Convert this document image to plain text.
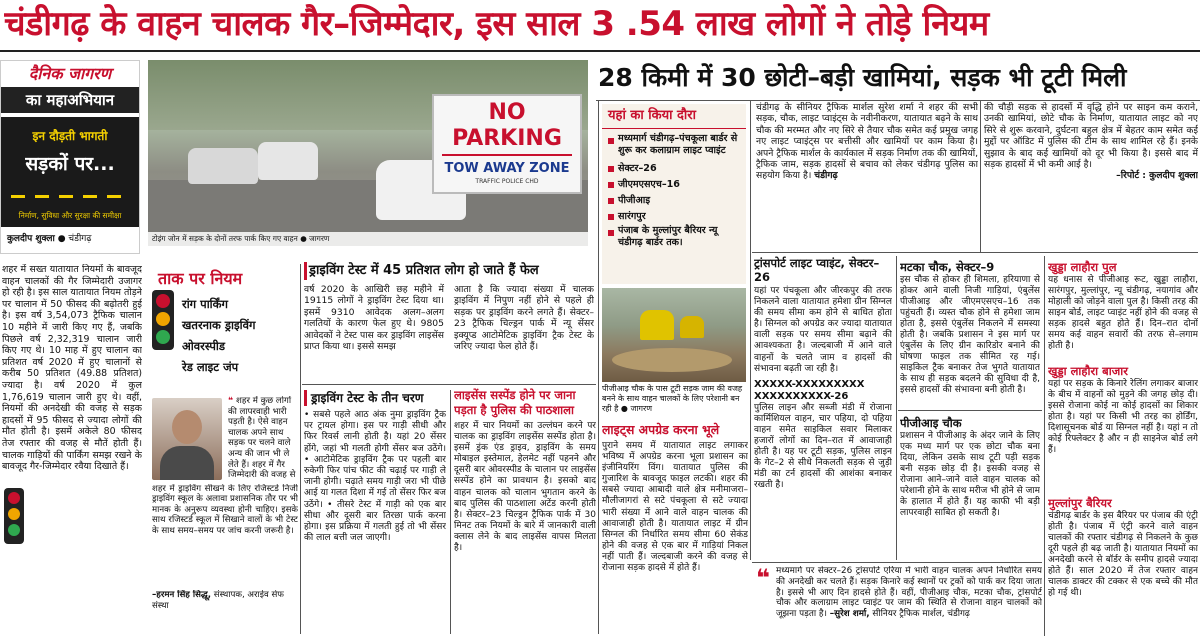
चंडीगढ़ के वाहन चालक गैर–जिम्मेदार, इस साल 3 .54 लाख लोगों ने तोड़े नियम
दैनिक जागरण
का महाअभियान
इन दौड़ती भागती
सड़कों पर...
निर्माण, सुविधा और सुरक्षा की समीक्षा
कुलदीप शुक्ला ● चंडीगढ़
NO PARKING
TOW AWAY ZONE
TRAFFIC POLICE CHD
टोइंग जोन में सड़क के दोनों तरफ पार्क किए गए वाहन ● जागरण
28 किमी में 30 छोटी–बड़ी खामियां, सड़क भी टूटी मिली

शहर में सख्त यातायात नियमों के बावजूद वाहन चालकों की गैर जिम्मेदारी उजागर हो रही है। इस साल यातायात नियम तोड़ने पर चालान में 50 फीसद की बढ़ोतरी हुई है। इस वर्ष 3,54,073 ट्रैफिक चालान 10 महीने में जारी किए गए हैं, जबकि पिछले वर्ष 2,32,319 चालान जारी किए गए थे। 10 माह में हुए चालान का प्रतिशत वर्ष 2020 में हुए चालानों से करीब 50 प्रतिशत (49.88 प्रतिशत) ज्यादा है। वर्ष 2020 में कुल 1,76,619 चालान जारी हुए थे। वहीं, नियमों की अनदेखी की वजह से सड़क हादसों में 95 फीसद से ज्यादा लोगों की मौत होती है। इसमें अकेले 80 फीसद तेज रफ्तार की वजह से मौतें होती हैं। चालक गाड़ियों की पार्किंग समझ रखने के बावजूद गैर-जिम्मेदार रवैया दिखाते हैं।

ताक पर नियम
रांग पार्किंग
खतरनाक ड्राइविंग
ओवरस्पीड
रेड लाइट जंप
❝ शहर में कुछ लोगों की लापरवाही भारी पड़ती है। ऐसे वाहन चालक अपने साथ सड़क पर चलने वाले अन्य की जान भी ले लेते हैं। शहर में गैर जिम्मेदारी की वजह से

शहर में ड्राइविंग सीखने के लिए रजिस्टर्ड निजी ड्राइविंग स्कूल के अलावा प्रशासनिक तौर पर भी मानक के अनुरूप व्यवस्था होनी चाहिए। इसके साथ रजिस्टर्ड स्कूल में सिखाने वालों के भी टेस्ट के साथ समय–समय पर जांच करनी जरूरी है।

–हरमन सिंह सिद्धू, संस्थापक, अराईव सेफ संस्था
ड्राइविंग टेस्ट में 45 प्रतिशत लोग हो जाते हैं फेल
वर्ष 2020 के आखिरी छह महीने में 19115 लोगों ने ड्राइविंग टेस्ट दिया था। इसमें 9310 आवेदक अलग–अलग गलतियों के कारण फेल हुए थे। 9805 आवेदकों ने टेस्ट पास कर ड्राइविंग लाइसेंस प्राप्त किया था। इससे समझ
आता है कि ज्यादा संख्या में चालक ड्राइविंग में निपुण नहीं होने से पहले ही सड़क पर ड्राइविंग करने लगते हैं। सेक्टर–23 ट्रैफिक चिल्ड्रन पार्क में न्यू सेंसर इक्यूप्ड आटोमेटिक ड्राइविंग ट्रैक टेस्ट के जरिए ज्यादा फेल होते हैं।
ड्राइविंग टेस्ट के तीन चरण
• सबसे पहले आठ अंक नुमा ड्राइविंग ट्रैक पर ट्रायल होगा। इस पर गाड़ी सीधी और फिर रिवर्स लानी होती है। यहां 20 सेंसर होंगे, जहां भी गलती होगी सेंसर बज उठेंगे। • आटोमेटिक ड्राइविंग ट्रैक पर पहली बार रुकेगी फिर पांच फीट की चढ़ाई पर गाड़ी ले जानी होगी। चढ़ाते समय गाड़ी जरा भी पीछे आई या गलत दिशा में गई तो सेंसर फिर बज उठेंगे। • तीसरे टेस्ट में गाड़ी को एक बार सीधा और दूसरी बार तिरछा पार्क करना होगा। इस प्रक्रिया में गलती हुई तो भी सेंसर की लाल बत्ती जल जाएगी।
लाइसेंस सस्पेंड होने पर जाना
पड़ता है पुलिस की पाठशाला
शहर में चार नियमों का उल्लंघन करने पर चालक का ड्राइविंग लाइसेंस सस्पेंड होता है। इसमें ड्रंक एंड ड्राइव, ड्राइविंग के समय मोबाइल इस्तेमाल, हेलमेट नहीं पहनने और दूसरी बार ओवरस्पीड के चालान पर लाइसेंस सस्पेंड होने का प्रावधान है। इसको बाद वाहन चालक को चालान भुगतान करने के बाद पुलिस की पाठशाला अटेंड करनी होती है। सेक्टर–23 चिल्ड्रन ट्रैफिक पार्क में 30 मिनट तक नियमों के बारे में जानकारी वाली क्लास लेने के बाद लाइसेंस वापस मिलता है।
यहां का किया दौरा
मध्यमार्ग चंडीगढ़–पंचकूला बार्डर से शुरू कर कलाग्राम लाइट प्वाइंट
सेक्टर–26
जीएमएसएच–16
पीजीआइ
सारंगपुर
पंजाब के मुल्लांपुर बैरियर न्यू चंडीगढ़ बार्डर तक।
पीजीआइ चौक के पास टूटी सड़क जाम की वजह बनने के साथ वाहन चालकों के लिए परेशानी बन रही है ● जागरण
लाइट्स अपग्रेड करना भूले
पुराने समय में यातायात लाइट लगाकर भविष्य में अपग्रेड करना भूला प्रशासन का इंजीनियरिंग विंग। यातायात पुलिस की गुजारिश के बावजूद फाइल लटकी। शहर की सबसे ज्यादा आबादी वाले क्षेत्र मनीमाजरा–मौलीजागरां से सटे पंचकूला से सटे ज्यादा भारी संख्या में आने वाले वाहन चालक की आवाजाही होती है। यातायात लाइट में ग्रीन सिग्नल की निर्धारित समय सीमा 60 सेकंड होने की वजह से एक बार में गाड़ियां निकल नहीं पाती हैं। जल्दबाजी करने की वजह से रोजाना सड़क हादसे में होते हैं।
चंडीगढ़ के सीनियर ट्रैफिक मार्शल सुरेश शर्मा ने शहर की सभी सड़क, चौक, लाइट प्वाइंट्स के नवीनीकरण, यातायात बढ़ने के साथ चौक की मरम्मत और नए सिरे से तैयार चौक समेत कई प्रमुख जगह नए लाइट प्वाइंट्स पर बत्तीसी और खामियों पर काम किया है। अपने ट्रैफिक मार्शल के कार्यकाल में सड़क निर्माण तक की खामियों, ट्रैफिक जाम, सड़क हादसों से बचाव को लेकर चंडीगढ़ पुलिस का सहयोग किया है। चंडीगढ़
ट्रांसपोर्ट लाइट प्वाइंट, सेक्टर–26
यहां पर पंचकूला और जीरकपुर की तरफ निकलने वाला यातायात हमेशा ग्रीन सिग्नल की समय सीमा कम होने से बाधित होता है। सिग्नल को अपग्रेड कर ज्यादा यातायात वाली सड़क पर समय सीमा बढ़ाने की आवश्यकता है। जल्दबाजी में आने वाले वाहनों के चलते जाम व हादसों की संभावना बढ़ती जा रही है।
XXXXX-XXXXXXXXX XXXXXXXXXX-26
पुलिस लाइन और सब्जी मंडी में रोजाना कार्मिशियल वाहन, चार पहिया, दो पहिया वाहन समेत साइकिल सवार मिलाकर हजारों लोगों का दिन–रात में आवाजाही होती है। यह पर टूटी सड़क, पुलिस लाइन के गेट–2 से सीधे निकलती सड़क से जुड़ी मंडी का टर्न हादसों की आशंका बनाकर रखती है।
मटका चौक, सेक्टर–9
इस चौक से होकर ही शिमला, हरियाणा से होकर आने वाली निजी गाड़ियां, एंबुलेंस पीजीआइ और जीएमएसएच–16 तक पहुंचती हैं। व्यस्त चौक होने से हमेशा जाम होता है, इससे एंबुलेंस निकलने में समस्या होती है। जबकि प्रशासन ने इस मार्ग पर एंबुलेंस के लिए ग्रीन कारिडोर बनाने की घोषणा फाइल तक सीमित रह गई। साइकिल ट्रैक बनाकर तेज भुगते यातायात के साथ ही सड़क बदलने की सुविधा दी है, इससे हादसों की संभावना बनी होती है।
पीजीआइ चौक
प्रशासन ने पीजीआइ के अंदर जाने के लिए एक मध्य मार्ग पर एक छोटा चौक बना दिया, लेकिन उसके साथ टूटी पड़ी सड़क बनी सड़क छोड़ दी है। इसकी वजह से रोजाना आने–जाने वाले वाहन चालक को परेशानी होने के साथ मरीज भी होने से जाम के हालात में होते हैं। यह काफी भी बड़ी लापरवाही साबित हो सकती है।

की चौड़ी सड़क से हादसों में वृद्धि होने पर साइन कम कराने, उनकी खामियां, छोटे चौक के निर्माण, यातायात लाइट को नए सिरे से शुरू करवाने, दुर्घटना बहुल क्षेत्र में बेहतर काम समेत कई मुद्दों पर ऑडिट में पुलिस की टीम के साथ शामिल रहे हैं। इनके सुझाव के बाद कई खामियों को दूर भी किया है। इससे बाद में सड़क हादसों में भी कमी आई है।

–रिपोर्ट : कुलदीप शुक्ला

खुड्डा लाहौरा पुल
यह धनास से पीजीआइ रूट, खुड्डा लाहौरा, सारंगपुर, मुल्लांपुर, न्यू चंडीगढ़, नयागांव और मोहाली को जोड़ने वाला पुल है। किसी तरह की साइन बोर्ड, लाइट प्वाइंट नहीं होने की वजह से सड़क हादसे बहुत होते हैं। दिन–रात दोनों समय कई वाहन सवारों की तरफ से–लगाम होती है।
खुड्डा लाहौरा बाजार
यहां पर सड़क के किनारे रेलिंग लगाकर बाजार के बीच में वाहनों को मुड़ने की जगह छोड़ दी। इससे रोजाना कोई ना कोई हादसों का शिकार होता है। यहां पर किसी भी तरह का होर्डिंग, दिशासूचनक बोर्ड या सिग्नल नहीं है। यहां न तो कोई रिफ्लेक्टर है और न ही साइनेज बोर्ड लगे हैं।
मुल्लांपुर बैरियर
चंडीगढ़ बार्डर के इस बैरियर पर पंजाब की एंट्री होती है। पंजाब में एंट्री करने वाले वाहन चालकों की रफ्तार चंडीगढ़ से निकलने के कुछ दूरी पहले ही बढ़ जाती है। यातायात नियमों का अनदेखी करने से बॉर्डर के समीप हादसे ज्यादा होते हैं। साल 2020 में तेज रफ्तार वाहन चालक डाक्टर की टक्कर से एक बच्चे की मौत हो गई थी।
❝ मध्यमार्ग पर सेक्टर–26 ट्रांसपोर्ट एरिया में भारी वाहन चालक अपने निर्धारित समय की अनदेखी कर चलते हैं। सड़क किनारे कई स्थानों पर ट्रकों को पार्क कर दिया जाता है। इससे भी आए दिन हादसे होते हैं। वहीं, पीजीआइ चौक, मटका चौक, ट्रांसपोर्ट चौक और कलाग्राम लाइट प्वाइंट पर जाम की स्थिति से रोजाना वाहन चालकों को जूझना पड़ता है। –सुरेश शर्मा, सीनियर ट्रैफिक मार्शल, चंडीगढ़
